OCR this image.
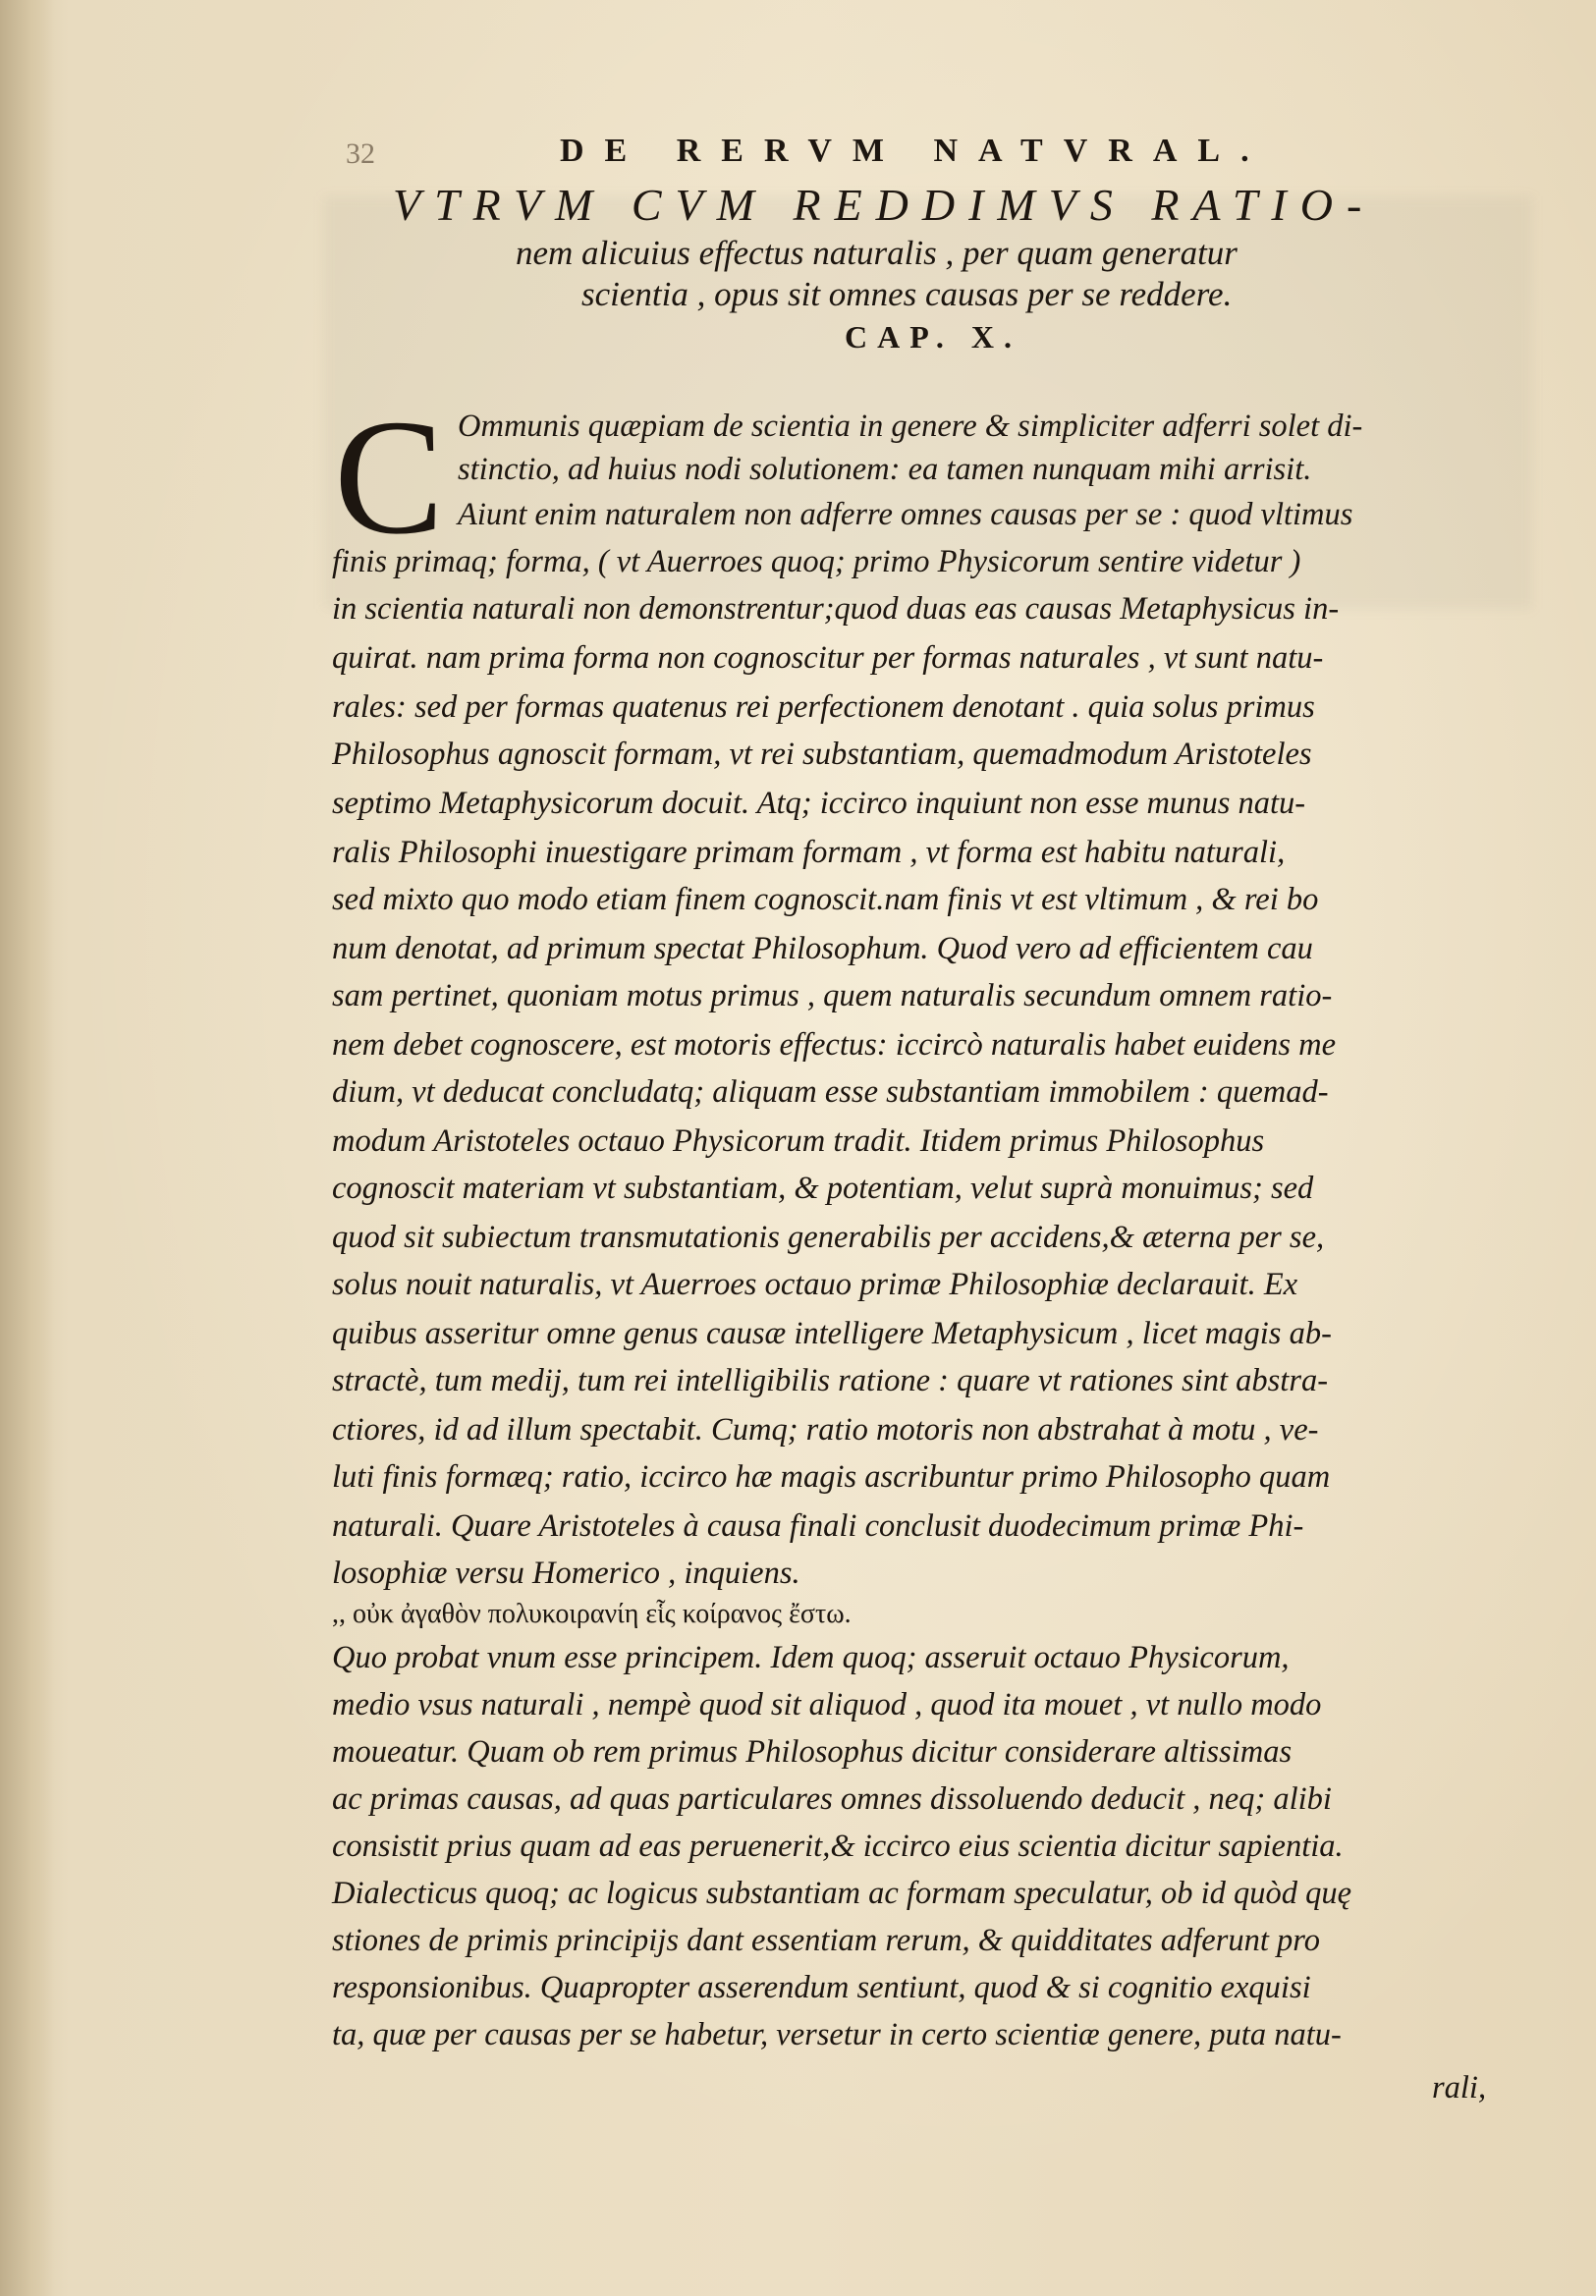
32	DE RERVM NATVRAL.
VTRVM CVM REDDIMVS RATIO-
nem alicuius effectus naturalis , per quam generatur
scientia , opus sit omnes causas per se reddere.
CAP. X.
C Ommunis quæpiam de scientia in genere & simpliciter adferri solet di-
stinctio, ad huius nodi solutionem: ea tamen nunquam mihi arrisit.
Aiunt enim naturalem non adferre omnes causas per se : quod vltimus
finis primaq; forma, ( vt Auerroes quoq; primo Physicorum sentire videtur )
in scientia naturali non demonstrentur;quod duas eas causas Metaphysicus in-
quirat. nam prima forma non cognoscitur per formas naturales , vt sunt natu-
rales: sed per formas quatenus rei perfectionem denotant . quia solus primus
Philosophus agnoscit formam, vt rei substantiam, quemadmodum Aristoteles
septimo Metaphysicorum docuit. Atq; iccirco inquiunt non esse munus natu-
ralis Philosophi inuestigare primam formam , vt forma est habitu naturali,
sed mixto quo modo etiam finem cognoscit.nam finis vt est vltimum , & rei bo
num denotat, ad primum spectat Philosophum. Quod vero ad efficientem cau
sam pertinet, quoniam motus primus , quem naturalis secundum omnem ratio-
nem debet cognoscere, est motoris effectus: iccircò naturalis habet euidens me
dium, vt deducat concludatq; aliquam esse substantiam immobilem : quemad-
modum Aristoteles octauo Physicorum tradit. Itidem primus Philosophus
cognoscit materiam vt substantiam, & potentiam, velut suprà monuimus; sed
quod sit subiectum transmutationis generabilis per accidens,& æterna per se,
solus nouit naturalis, vt Auerroes octauo primæ Philosophiæ declarauit. Ex
quibus asseritur omne genus causæ intelligere Metaphysicum , licet magis ab-
stractè, tum medij, tum rei intelligibilis ratione : quare vt rationes sint abstra-
ctiores, id ad illum spectabit. Cumq; ratio motoris non abstrahat à motu , ve-
luti finis formæq; ratio, iccirco hæ magis ascribuntur primo Philosopho quam
naturali. Quare Aristoteles à causa finali conclusit duodecimum primæ Phi-
losophiæ versu Homerico , inquiens.
,, οὐκ ἀγαθὸν πολυκοιρανίη εἷς κοίρανος ἔστω.
Quo probat vnum esse principem. Idem quoq; asseruit octauo Physicorum,
medio vsus naturali , nempè quod sit aliquod , quod ita mouet , vt nullo modo
moueatur. Quam ob rem primus Philosophus dicitur considerare altissimas
ac primas causas, ad quas particulares omnes dissoluendo deducit , neq; alibi
consistit prius quam ad eas peruenerit,& iccirco eius scientia dicitur sapientia.
Dialecticus quoq; ac logicus substantiam ac formam speculatur, ob id quòd quę
stiones de primis principijs dant essentiam rerum, & quidditates adferunt pro
responsionibus. Quapropter asserendum sentiunt, quod & si cognitio exquisi
ta, quæ per causas per se habetur, versetur in certo scientiæ genere, puta natu-
rali,
